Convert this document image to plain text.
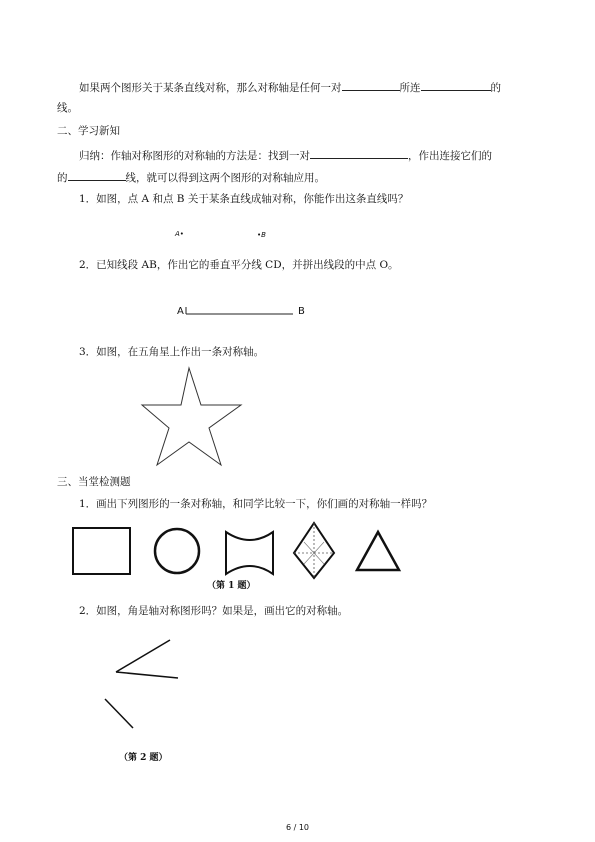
如果两个图形关于某条直线对称，那么对称轴是任何一对	所连	的
线。
二、学习新知
归纳：作轴对称图形的对称轴的方法是：找到一对	，作出连接它们的
的	线，就可以得到这两个图形的对称轴应用。
1．如图，点 A 和点 B 关于某条直线成轴对称，你能作出这条直线吗？
A•	•B
2．已知线段 AB，作出它的垂直平分线 CD，并拼出线段的中点 O。
A	B
3．如图，在五角星上作出一条对称轴。
三、当堂检测题
1．画出下列图形的一条对称轴，和同学比较一下，你们画的对称轴一样吗？
（第 1 题）
2．如图，角是轴对称图形吗？如果是，画出它的对称轴。
（第 2 题）
6 / 10
